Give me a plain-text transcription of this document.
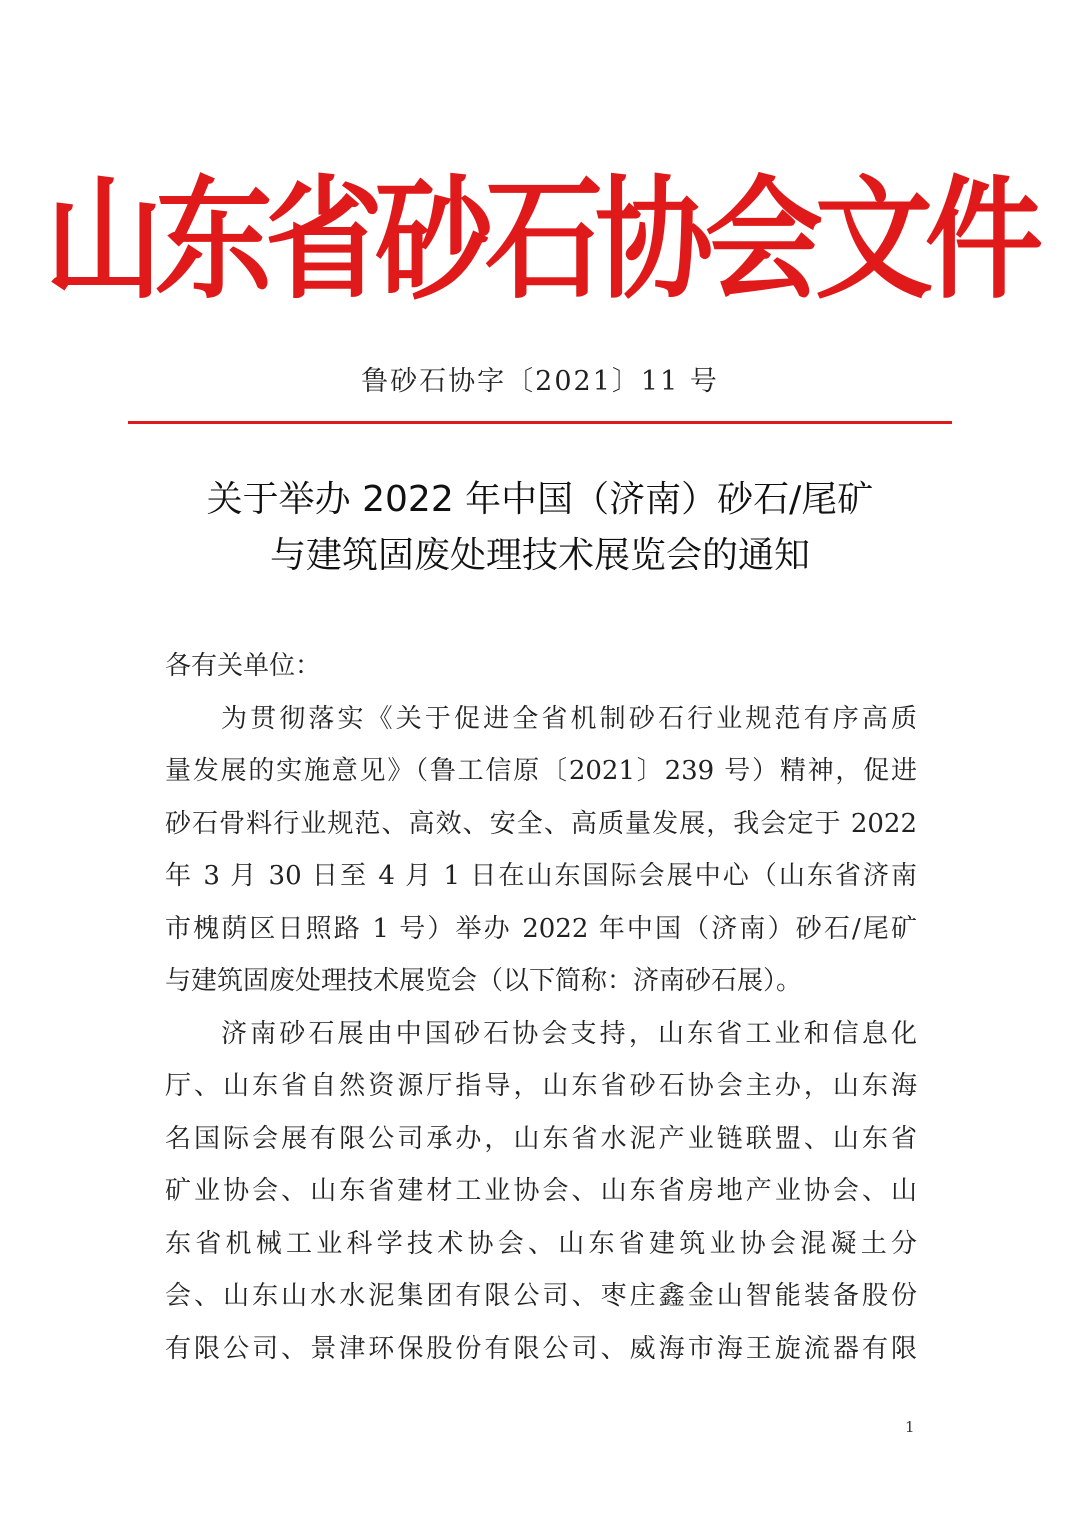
山东省砂石协会文件
鲁砂石协字〔2021〕11 号
关于举办 2022 年中国（济南）砂石/尾矿
与建筑固废处理技术展览会的通知

各有关单位：

为贯彻落实《关于促进全省机制砂石行业规范有序高质

量发展的实施意见》（鲁工信原〔2021〕239 号）精神，促进

砂石骨料行业规范、高效、安全、高质量发展，我会定于 2022

年 3 月 30 日至 4 月 1 日在山东国际会展中心（山东省济南

市槐荫区日照路 1 号）举办 2022 年中国（济南）砂石/尾矿

与建筑固废处理技术展览会（以下简称：济南砂石展）。

济南砂石展由中国砂石协会支持，山东省工业和信息化

厅、山东省自然资源厅指导，山东省砂石协会主办，山东海

名国际会展有限公司承办，山东省水泥产业链联盟、山东省

矿业协会、山东省建材工业协会、山东省房地产业协会、山

东省机械工业科学技术协会、山东省建筑业协会混凝土分

会、山东山水水泥集团有限公司、枣庄鑫金山智能装备股份

有限公司、景津环保股份有限公司、威海市海王旋流器有限

1
